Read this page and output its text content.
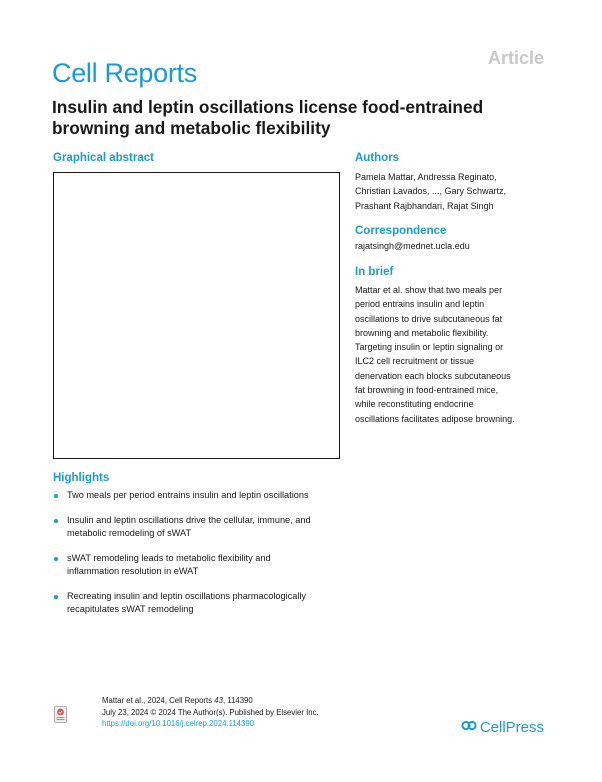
Article
Cell Reports
Insulin and leptin oscillations license food-entrained browning and metabolic flexibility
Graphical abstract	Authors
Pamela Mattar, Andressa Reginato,
Christian Lavados, ..., Gary Schwartz,
Prashant Rajbhandari, Rajat Singh
Correspondence
rajatsingh@mednet.ucla.edu
In brief
Mattar et al. show that two meals per
period entrains insulin and leptin
oscillations to drive subcutaneous fat
browning and metabolic flexibility.
Targeting insulin or leptin signaling or
ILC2 cell recruitment or tissue
denervation each blocks subcutaneous
fat browning in food-entrained mice,
while reconstituting endocrine
oscillations facilitates adipose browning.
Highlights
Two meals per period entrains insulin and leptin oscillations
Insulin and leptin oscillations drive the cellular, immune, and
metabolic remodeling of sWAT
sWAT remodeling leads to metabolic flexibility and
inflammation resolution in eWAT
Recreating insulin and leptin oscillations pharmacologically
recapitulates sWAT remodeling
Mattar et al., 2024, Cell Reports 43, 114390
July 23, 2024 © 2024 The Author(s). Published by Elsevier Inc.
https://doi.org/10.1016/j.celrep.2024.114390	CellPress
